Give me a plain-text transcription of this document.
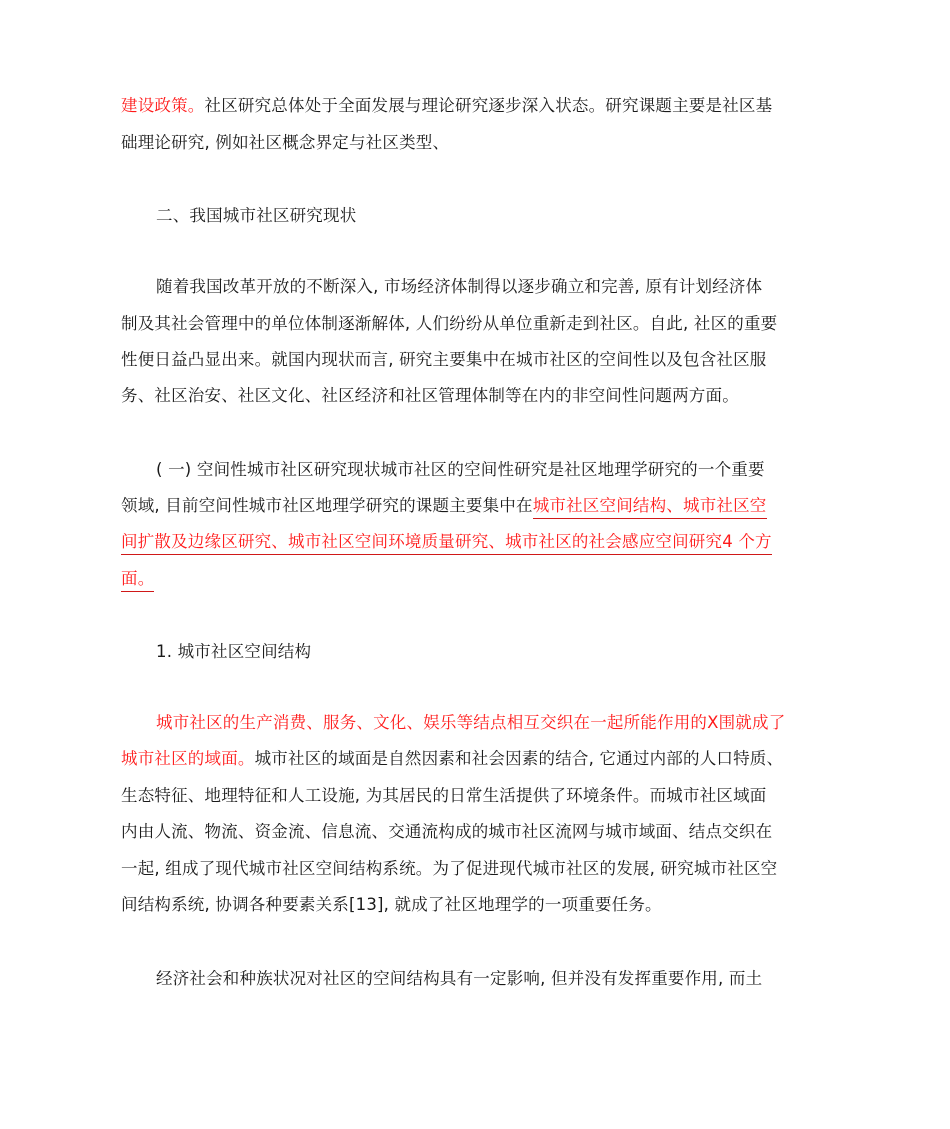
建设政策。社区研究总体处于全面发展与理论研究逐步深入状态。研究课题主要是社区基
础理论研究, 例如社区概念界定与社区类型、
二、我国城市社区研究现状
随着我国改革开放的不断深入, 市场经济体制得以逐步确立和完善, 原有计划经济体
制及其社会管理中的单位体制逐渐解体, 人们纷纷从单位重新走到社区。自此, 社区的重要
性便日益凸显出来。就国内现状而言, 研究主要集中在城市社区的空间性以及包含社区服
务、社区治安、社区文化、社区经济和社区管理体制等在内的非空间性问题两方面。
( 一) 空间性城市社区研究现状城市社区的空间性研究是社区地理学研究的一个重要
领域, 目前空间性城市社区地理学研究的课题主要集中在城市社区空间结构、城市社区空
间扩散及边缘区研究、城市社区空间环境质量研究、城市社区的社会感应空间研究4 个方
面。
1. 城市社区空间结构
城市社区的生产消费、服务、文化、娱乐等结点相互交织在一起所能作用的X围就成了
城市社区的域面。城市社区的域面是自然因素和社会因素的结合, 它通过内部的人口特质、
生态特征、地理特征和人工设施, 为其居民的日常生活提供了环境条件。而城市社区域面
内由人流、物流、资金流、信息流、交通流构成的城市社区流网与城市域面、结点交织在
一起, 组成了现代城市社区空间结构系统。为了促进现代城市社区的发展, 研究城市社区空
间结构系统, 协调各种要素关系[13], 就成了社区地理学的一项重要任务。
经济社会和种族状况对社区的空间结构具有一定影响, 但并没有发挥重要作用, 而土
